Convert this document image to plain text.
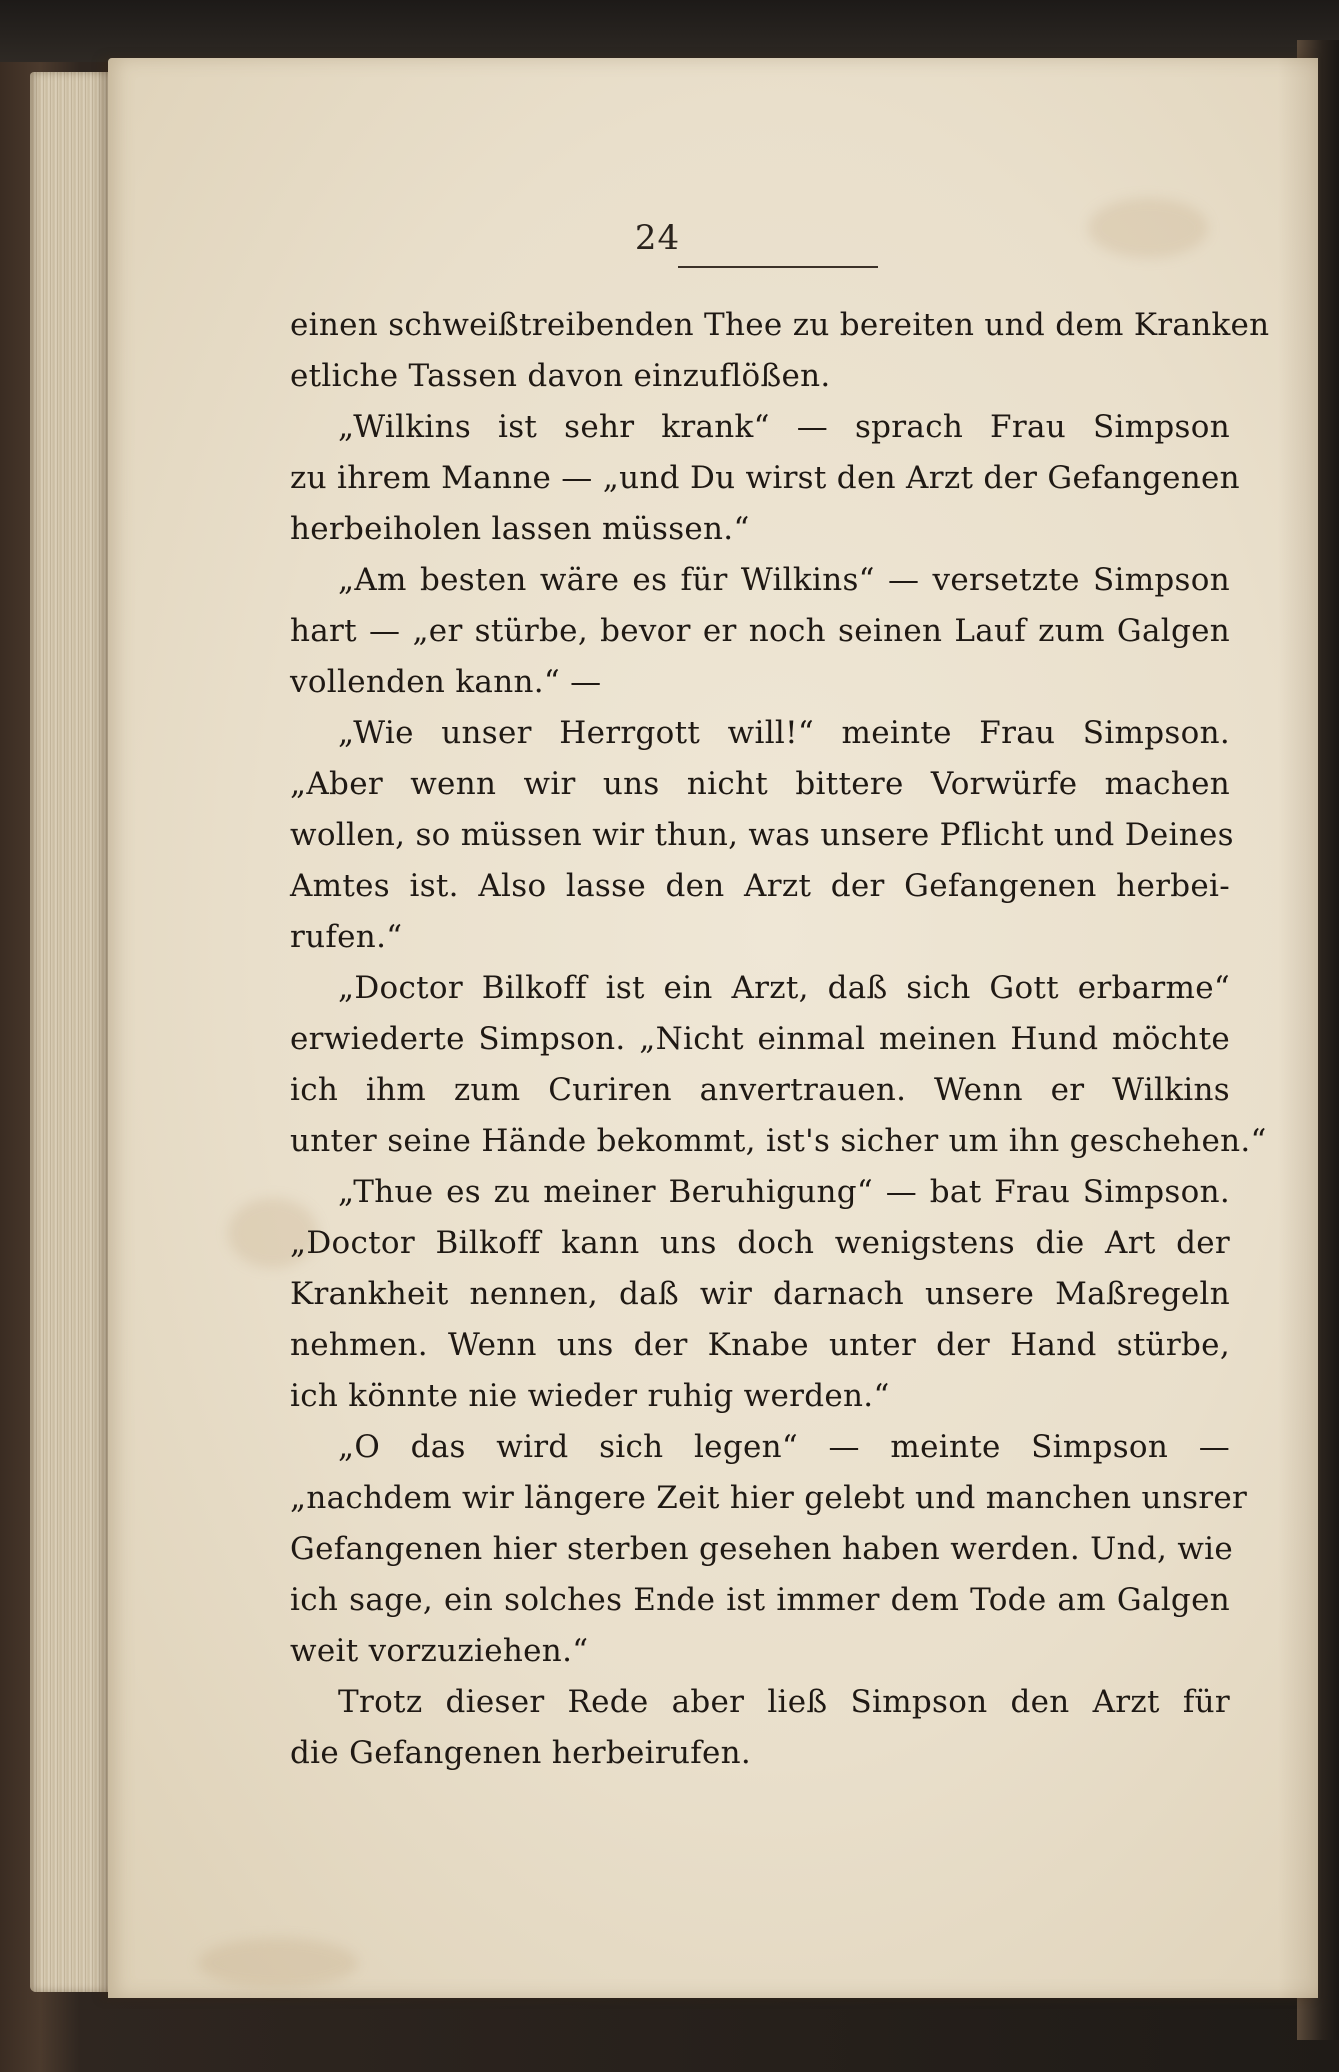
24
einen schweißtreibenden Thee zu bereiten und dem Kranken
etliche Tassen davon einzuflößen.
„Wilkins ist sehr krank“ — sprach Frau Simpson
zu ihrem Manne — „und Du wirst den Arzt der Gefangenen
herbeiholen lassen müssen.“
„Am besten wäre es für Wilkins“ — versetzte Simpson
hart — „er stürbe, bevor er noch seinen Lauf zum Galgen
vollenden kann.“ —
„Wie unser Herrgott will!“ meinte Frau Simpson.
„Aber wenn wir uns nicht bittere Vorwürfe machen
wollen, so müssen wir thun, was unsere Pflicht und Deines
Amtes ist. Also lasse den Arzt der Gefangenen herbei-
rufen.“
„Doctor Bilkoff ist ein Arzt, daß sich Gott erbarme“
erwiederte Simpson. „Nicht einmal meinen Hund möchte
ich ihm zum Curiren anvertrauen. Wenn er Wilkins
unter seine Hände bekommt, ist's sicher um ihn geschehen.“
„Thue es zu meiner Beruhigung“ — bat Frau Simpson.
„Doctor Bilkoff kann uns doch wenigstens die Art der
Krankheit nennen, daß wir darnach unsere Maßregeln
nehmen. Wenn uns der Knabe unter der Hand stürbe,
ich könnte nie wieder ruhig werden.“
„O das wird sich legen“ — meinte Simpson —
„nachdem wir längere Zeit hier gelebt und manchen unsrer
Gefangenen hier sterben gesehen haben werden. Und, wie
ich sage, ein solches Ende ist immer dem Tode am Galgen
weit vorzuziehen.“
Trotz dieser Rede aber ließ Simpson den Arzt für
die Gefangenen herbeirufen.
